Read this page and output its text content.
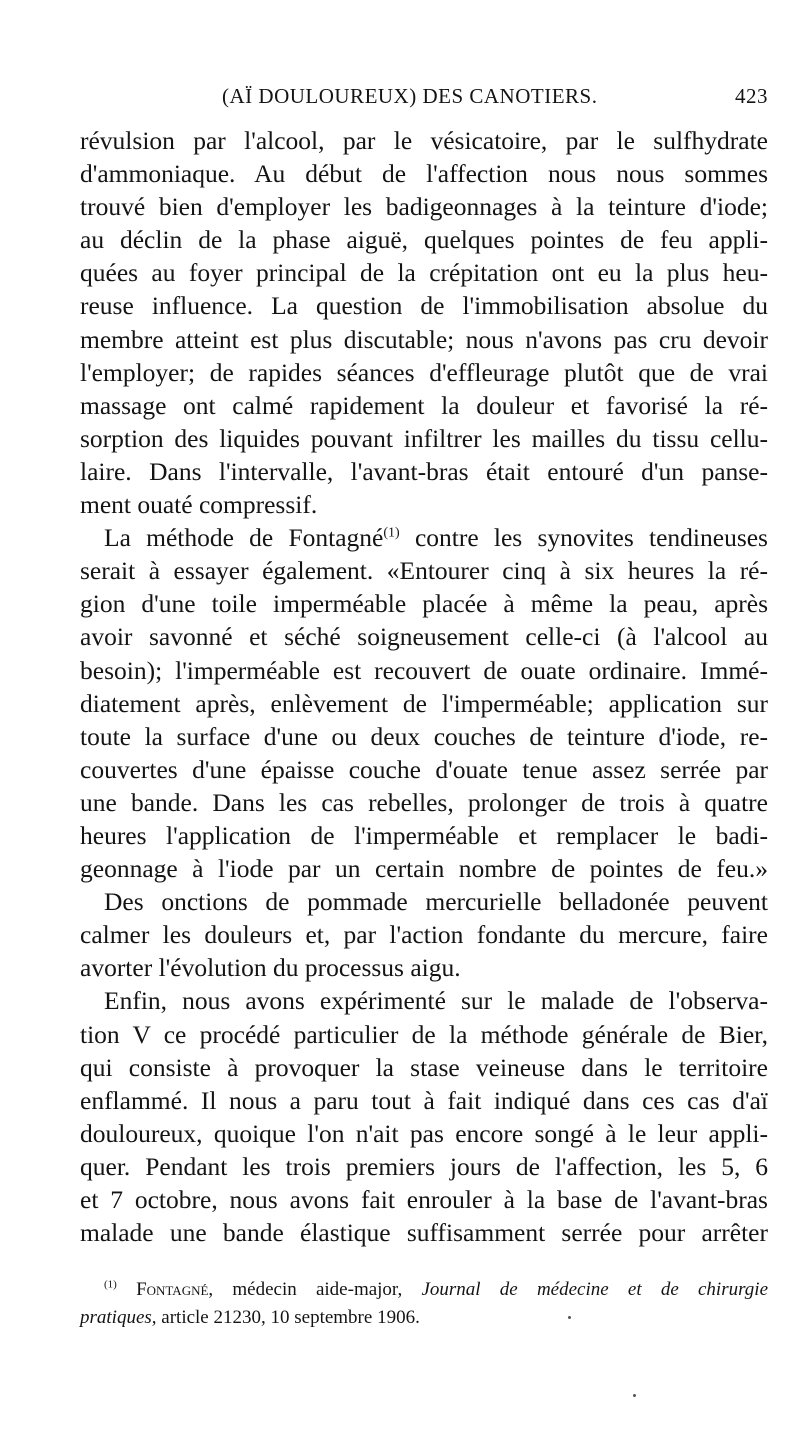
(AÏ DOULOUREUX) DES CANOTIERS.	423

révulsion par l'alcool, par le vésicatoire, par le sulfhydrate
d'ammoniaque. Au début de l'affection nous nous sommes
trouvé bien d'employer les badigeonnages à la teinture d'iode;
au déclin de la phase aiguë, quelques pointes de feu appli-
quées au foyer principal de la crépitation ont eu la plus heu-
reuse influence. La question de l'immobilisation absolue du
membre atteint est plus discutable; nous n'avons pas cru devoir
l'employer; de rapides séances d'effleurage plutôt que de vrai
massage ont calmé rapidement la douleur et favorisé la ré-
sorption des liquides pouvant infiltrer les mailles du tissu cellu-
laire. Dans l'intervalle, l'avant-bras était entouré d'un panse-
ment ouaté compressif.

La méthode de Fontagné$^{(1)}$ contre les synovites tendineuses
serait à essayer également. «Entourer cinq à six heures la ré-
gion d'une toile imperméable placée à même la peau, après
avoir savonné et séché soigneusement celle-ci (à l'alcool au
besoin); l'imperméable est recouvert de ouate ordinaire. Immé-
diatement après, enlèvement de l'imperméable; application sur
toute la surface d'une ou deux couches de teinture d'iode, re-
couvertes d'une épaisse couche d'ouate tenue assez serrée par
une bande. Dans les cas rebelles, prolonger de trois à quatre
heures l'application de l'imperméable et remplacer le badi-
geonnage à l'iode par un certain nombre de pointes de feu.»

Des onctions de pommade mercurielle belladonée peuvent
calmer les douleurs et, par l'action fondante du mercure, faire
avorter l'évolution du processus aigu.

Enfin, nous avons expérimenté sur le malade de l'observa-
tion V ce procédé particulier de la méthode générale de Bier,
qui consiste à provoquer la stase veineuse dans le territoire
enflammé. Il nous a paru tout à fait indiqué dans ces cas d'aï
douloureux, quoique l'on n'ait pas encore songé à le leur appli-
quer. Pendant les trois premiers jours de l'affection, les 5, 6
et 7 octobre, nous avons fait enrouler à la base de l'avant-bras
malade une bande élastique suffisamment serrée pour arrêter

$^{(1)}$ Fontagné, médecin aide-major, Journal de médecine et de chirurgie
pratiques, article 21230, 10 septembre 1906.
